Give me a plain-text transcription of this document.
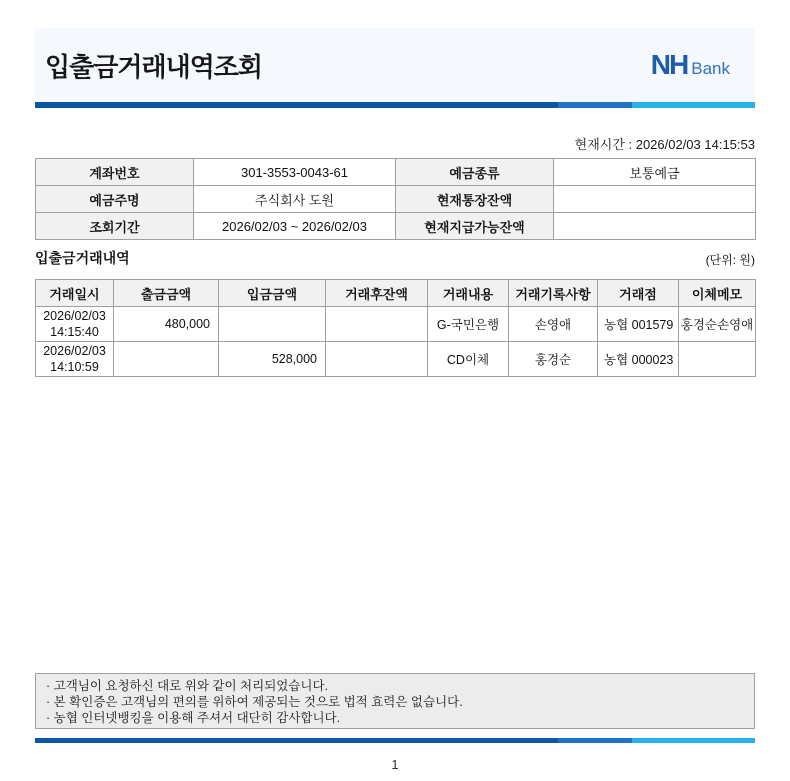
입출금거래내역조회	NH Bank
현재시간 : 2026/02/03 14:15:53
계좌번호	301-3553-0043-61	예금종류	보통예금
예금주명	주식회사 도원	현재통장잔액	
조회기간	2026/02/03 ~ 2026/02/03	현재지급가능잔액	
입출금거래내역	(단위: 원)
거래일시	출금금액	입금금액	거래후잔액	거래내용	거래기록사항	거래점	이체메모

2026/02/03
14:15:40	480,000			G-국민은행	손영애	농협 001579	홍경순손영애

2026/02/03
14:10:59		528,000		CD이체	홍경순	농협 000023	
· 고객님이 요청하신 대로 위와 같이 처리되었습니다.
· 본 확인증은 고객님의 편의를 위하여 제공되는 것으로 법적 효력은 없습니다.
· 농협 인터넷뱅킹을 이용해 주셔서 대단히 감사합니다.
1
